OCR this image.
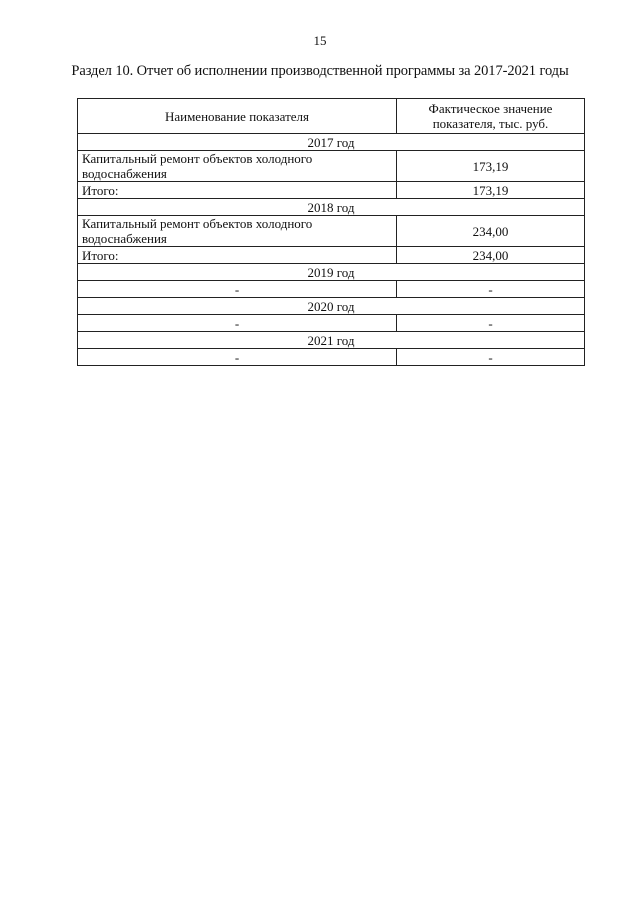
15
Раздел 10. Отчет об исполнении производственной программы за 2017-2021 годы
Наименование показателя	Фактическое значение показателя, тыс. руб.
2017 год	
Капитальный ремонт объектов холодного водоснабжения	173,19
Итого:	173,19
2018 год	
Капитальный ремонт объектов холодного водоснабжения	234,00
Итого:	234,00
2019 год	
-	-
2020 год	
-	-
2021 год	
-	-
